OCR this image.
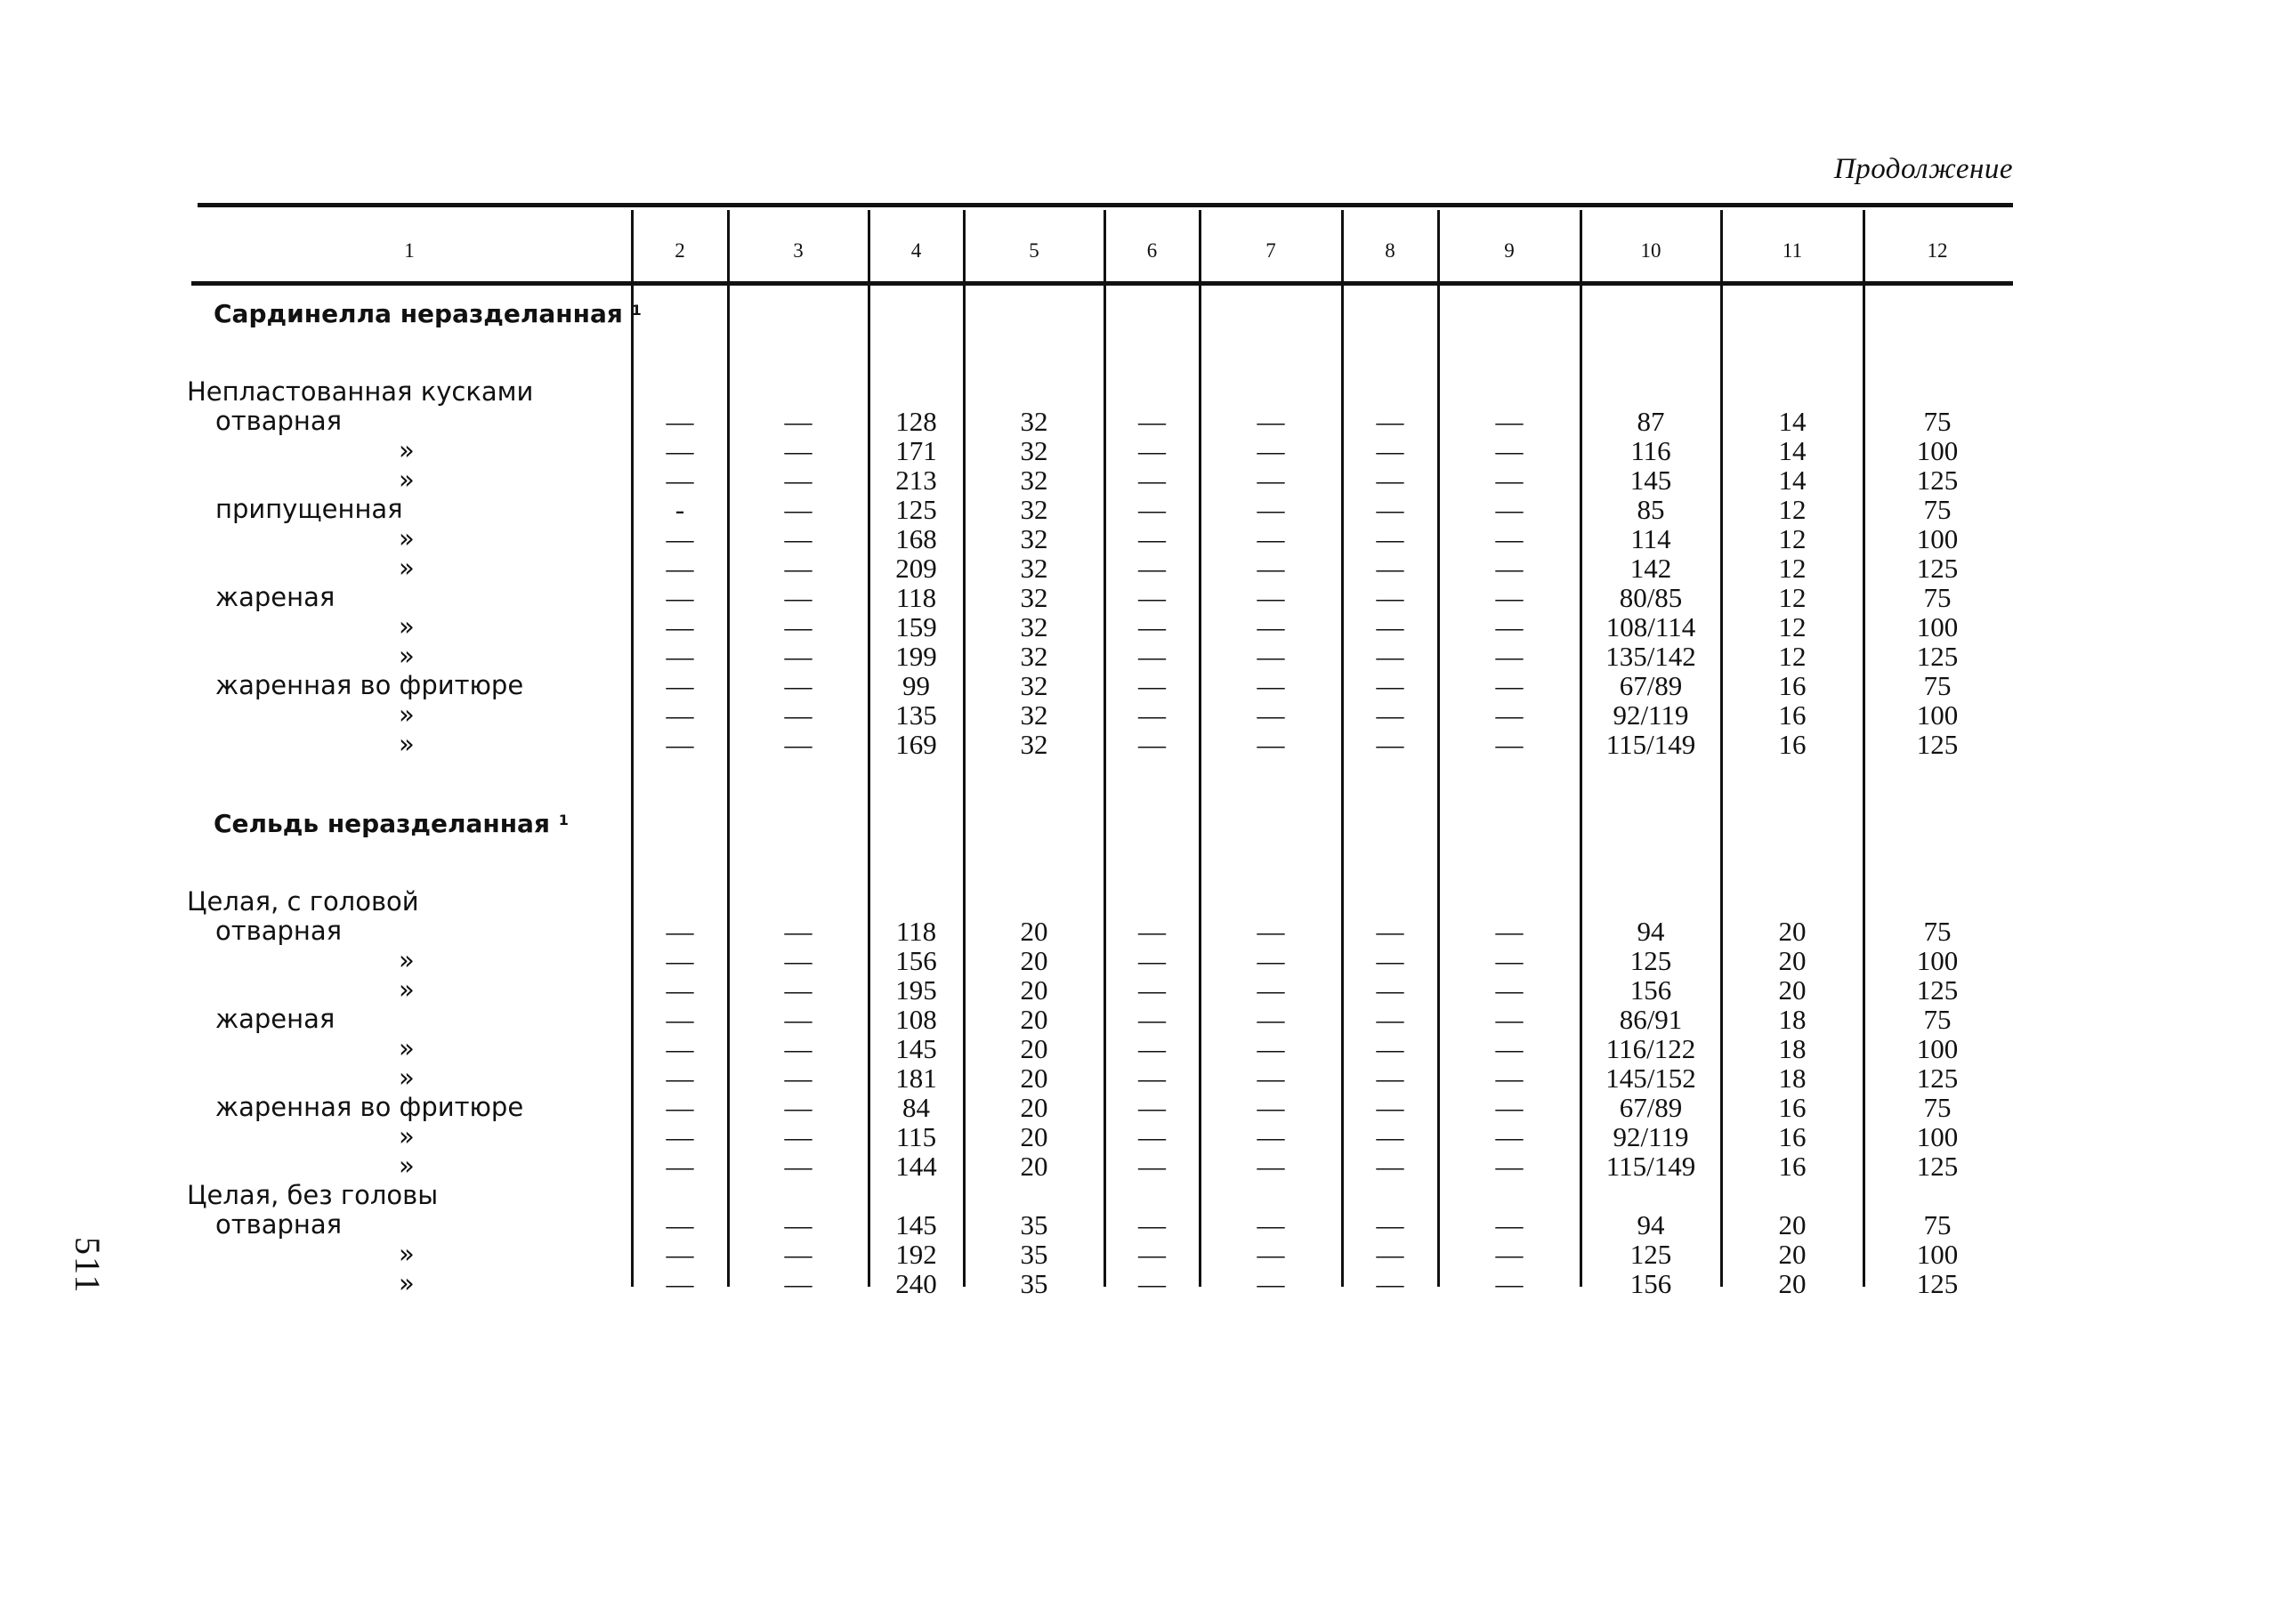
Продолжение
1	2	3	4	5	6	7	8	9	10	11	12
Сардинелла неразделанная $^1$											

Непластованная кусками											
отварная	—	—	128	32	—	—	—	—	87	14	75
»	—	—	171	32	—	—	—	—	116	14	100
»	—	—	213	32	—	—	—	—	145	14	125
припущенная	-	—	125	32	—	—	—	—	85	12	75
»	—	—	168	32	—	—	—	—	114	12	100
»	—	—	209	32	—	—	—	—	142	12	125
жареная	—	—	118	32	—	—	—	—	80/85	12	75
»	—	—	159	32	—	—	—	—	108/114	12	100
»	—	—	199	32	—	—	—	—	135/142	12	125
жаренная во фритюре	—	—	99	32	—	—	—	—	67/89	16	75
»	—	—	135	32	—	—	—	—	92/119	16	100
»	—	—	169	32	—	—	—	—	115/149	16	125

Сельдь неразделанная $^1$											

Целая, с головой											
отварная	—	—	118	20	—	—	—	—	94	20	75
»	—	—	156	20	—	—	—	—	125	20	100
»	—	—	195	20	—	—	—	—	156	20	125
жареная	—	—	108	20	—	—	—	—	86/91	18	75
»	—	—	145	20	—	—	—	—	116/122	18	100
»	—	—	181	20	—	—	—	—	145/152	18	125
жаренная во фритюре	—	—	84	20	—	—	—	—	67/89	16	75
»	—	—	115	20	—	—	—	—	92/119	16	100
»	—	—	144	20	—	—	—	—	115/149	16	125
Целая, без головы											
отварная	—	—	145	35	—	—	—	—	94	20	75
»	—	—	192	35	—	—	—	—	125	20	100
»	—	—	240	35	—	—	—	—	156	20	125
511
